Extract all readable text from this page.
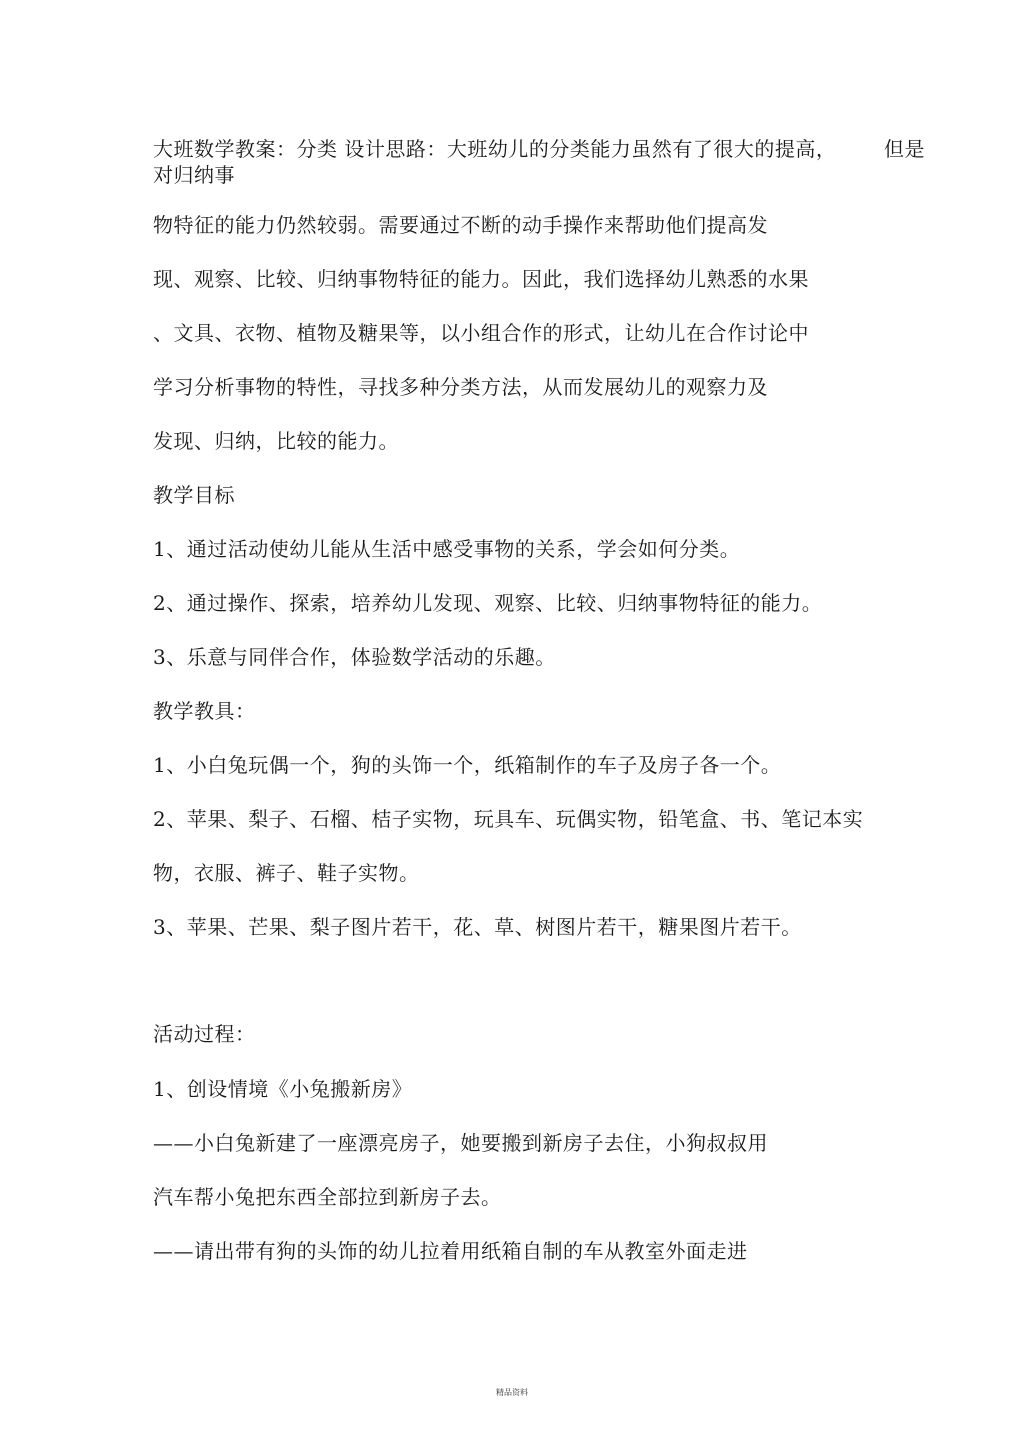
大班数学教案：分类 设计思路：大班幼儿的分类能力虽然有了很大的提高， 但是
对归纳事
物特征的能力仍然较弱。需要通过不断的动手操作来帮助他们提高发
现、观察、比较、归纳事物特征的能力。因此，我们选择幼儿熟悉的水果
、文具、衣物、植物及糖果等，以小组合作的形式，让幼儿在合作讨论中
学习分析事物的特性，寻找多种分类方法，从而发展幼儿的观察力及
发现、归纳，比较的能力。
教学目标
1、通过活动使幼儿能从生活中感受事物的关系，学会如何分类。
2、通过操作、探索，培养幼儿发现、观察、比较、归纳事物特征的能力。
3、乐意与同伴合作，体验数学活动的乐趣。
教学教具：
1、小白兔玩偶一个，狗的头饰一个，纸箱制作的车子及房子各一个。
2、苹果、梨子、石榴、桔子实物，玩具车、玩偶实物，铅笔盒、书、笔记本实
物，衣服、裤子、鞋子实物。
3、苹果、芒果、梨子图片若干，花、草、树图片若干，糖果图片若干。
活动过程：
1、创设情境《小兔搬新房》
——小白兔新建了一座漂亮房子，她要搬到新房子去住，小狗叔叔用
汽车帮小兔把东西全部拉到新房子去。
——请出带有狗的头饰的幼儿拉着用纸箱自制的车从教室外面走进
精品资料
